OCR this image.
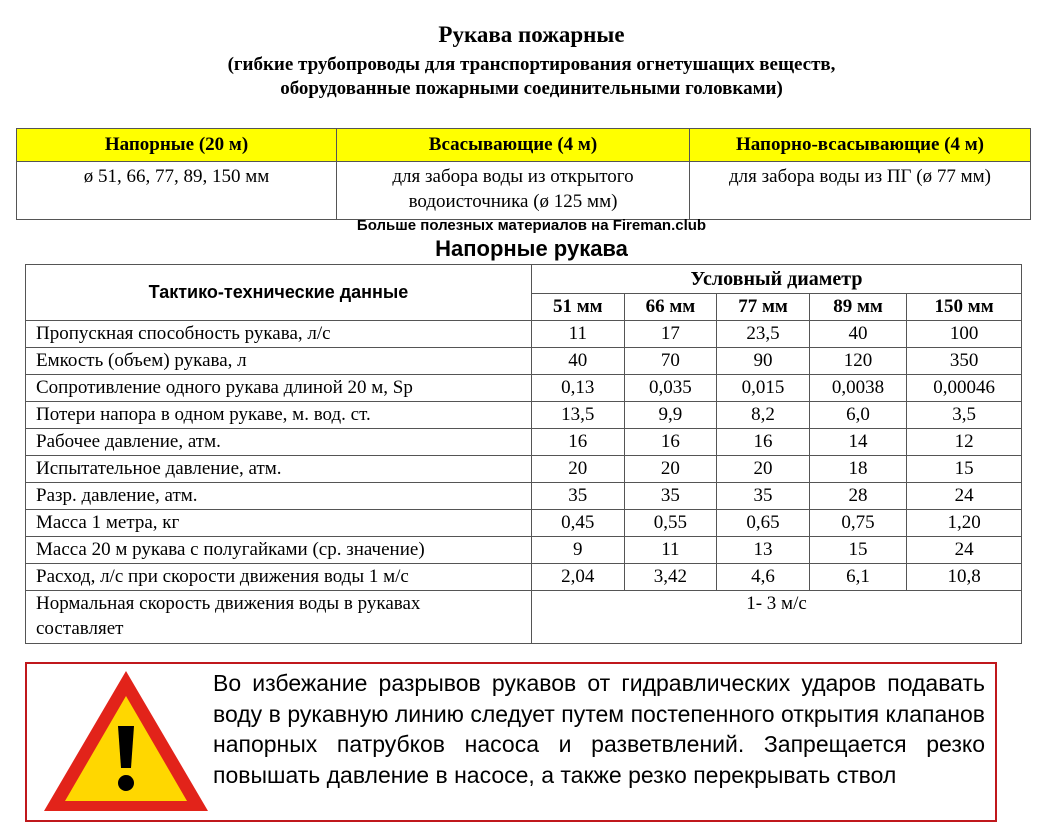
Рукава пожарные
(гибкие трубопроводы для транспортирования огнетушащих веществ,
оборудованные пожарными соединительными головками)
Напорные (20 м)	Всасывающие (4 м)	Напорно-всасывающие (4 м)
ø 51, 66, 77, 89, 150 мм	для забора воды из открытого водоисточника (ø 125 мм)	для забора воды из ПГ (ø 77 мм)
Больше полезных материалов на Fireman.club
Напорные рукава
Тактико-технические данные	Условный диаметр				
	51 мм	66 мм	77 мм	89 мм	150 мм
Пропускная способность рукава, л/с	11	17	23,5	40	100
Емкость (объем) рукава, л	40	70	90	120	350
Сопротивление одного рукава длиной 20 м, Sp	0,13	0,035	0,015	0,0038	0,00046
Потери напора в одном рукаве, м. вод. ст.	13,5	9,9	8,2	6,0	3,5
Рабочее давление, атм.	16	16	16	14	12
Испытательное давление, атм.	20	20	20	18	15
Разр. давление, атм.	35	35	35	28	24
Масса 1 метра, кг	0,45	0,55	0,65	0,75	1,20
Масса 20 м рукава с полугайками (ср. значение)	9	11	13	15	24
Расход, л/с при скорости движения воды 1 м/с	2,04	3,42	4,6	6,1	10,8

Нормальная скорость движения воды в рукавах
составляет	1- 3 м/с				
Во избежание разрывов рукавов от гидравлических ударов подавать воду в рукавную линию следует путем постепенного открытия клапанов напорных патрубков насоса и разветвлений. Запрещается резко повышать давление в насосе, а также резко перекрывать ствол
